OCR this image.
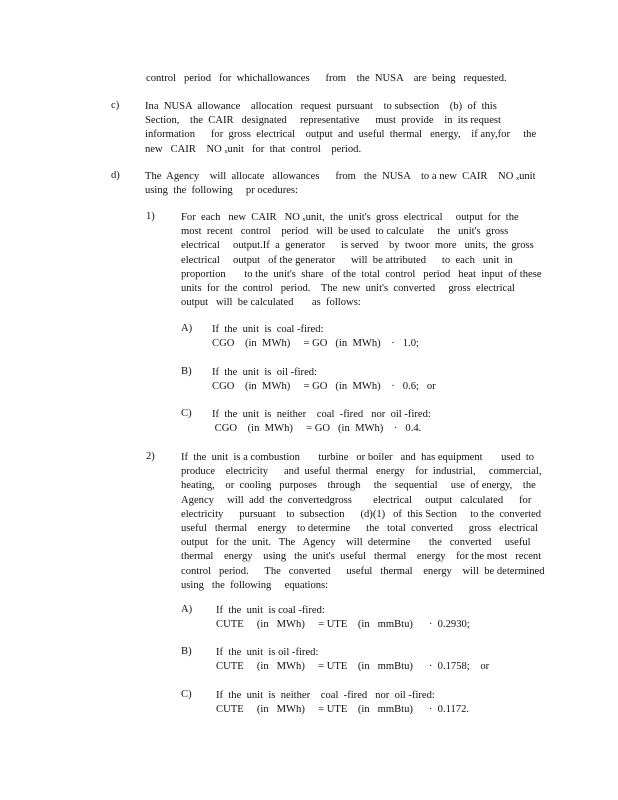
control   period   for  whichallowances      from    the  NUSA    are  being   requested.
c) Ina  NUSA  allowance    allocation   request  pursuant    to subsection    (b)  of  this
Section,    the  CAIR   designated     representative      must  provide    in  its request
information      for  gross  electrical    output  and  useful  thermal   energy,    if any,for     the
new   CAIR    NO ₓunit   for  that  control    period.
d) The  Agency    will  allocate   allowances      from   the  NUSA    to a new  CAIR    NO ₓunit
using  the  following     pr ocedures:
1) For  each   new  CAIR   NO ₓunit,  the  unit's  gross  electrical     output  for  the
most  recent   control    period   will  be used  to calculate     the   unit's  gross
electrical     output.If  a  generator      is served    by  twoor  more   units,  the  gross
electrical     output   of the generator      will  be attributed      to  each   unit  in
proportion       to the  unit's  share   of the  total  control   period   heat  input  of these
units  for  the  control   period.    The  new  unit's  converted     gross  electrical
output   will  be calculated       as  follows:
A) If  the  unit  is  coal -fired:
CGO    (in  MWh)     = GO   (in  MWh)    ·   1.0;
B) If  the  unit  is  oil -fired:
CGO    (in  MWh)     = GO   (in  MWh)    ·   0.6;   or
C) If  the  unit  is  neither    coal  -fired   nor  oil -fired:
CGO    (in  MWh)     = GO   (in  MWh)    ·   0.4.
2) If  the  unit  is a combustion       turbine   or boiler   and  has equipment       used  to
produce    electricity      and  useful  thermal   energy    for  industrial,     commercial,
heating,    or  cooling   purposes    through     the   sequential     use  of energy,    the
Agency     will  add  the  convertedgross        electrical     output   calculated      for
electricity      pursuant    to  subsection      (d)(1)   of  this Section     to the  converted
useful   thermal    energy    to determine      the   total  converted      gross   electrical
output   for  the  unit.   The   Agency    will  determine       the   converted     useful
thermal    energy    using   the  unit's  useful   thermal    energy    for the most   recent
control   period.      The   converted      useful   thermal    energy    will  be determined
using   the  following     equations:
A) If  the  unit  is coal -fired:
CUTE     (in   MWh)     = UTE    (in   mmBtu)      ·  0.2930;
B) If  the  unit  is oil -fired:
CUTE     (in   MWh)     = UTE    (in   mmBtu)      ·  0.1758;    or
C) If  the  unit  is  neither    coal  -fired   nor  oil -fired:
CUTE     (in   MWh)     = UTE    (in   mmBtu)      ·  0.1172.
